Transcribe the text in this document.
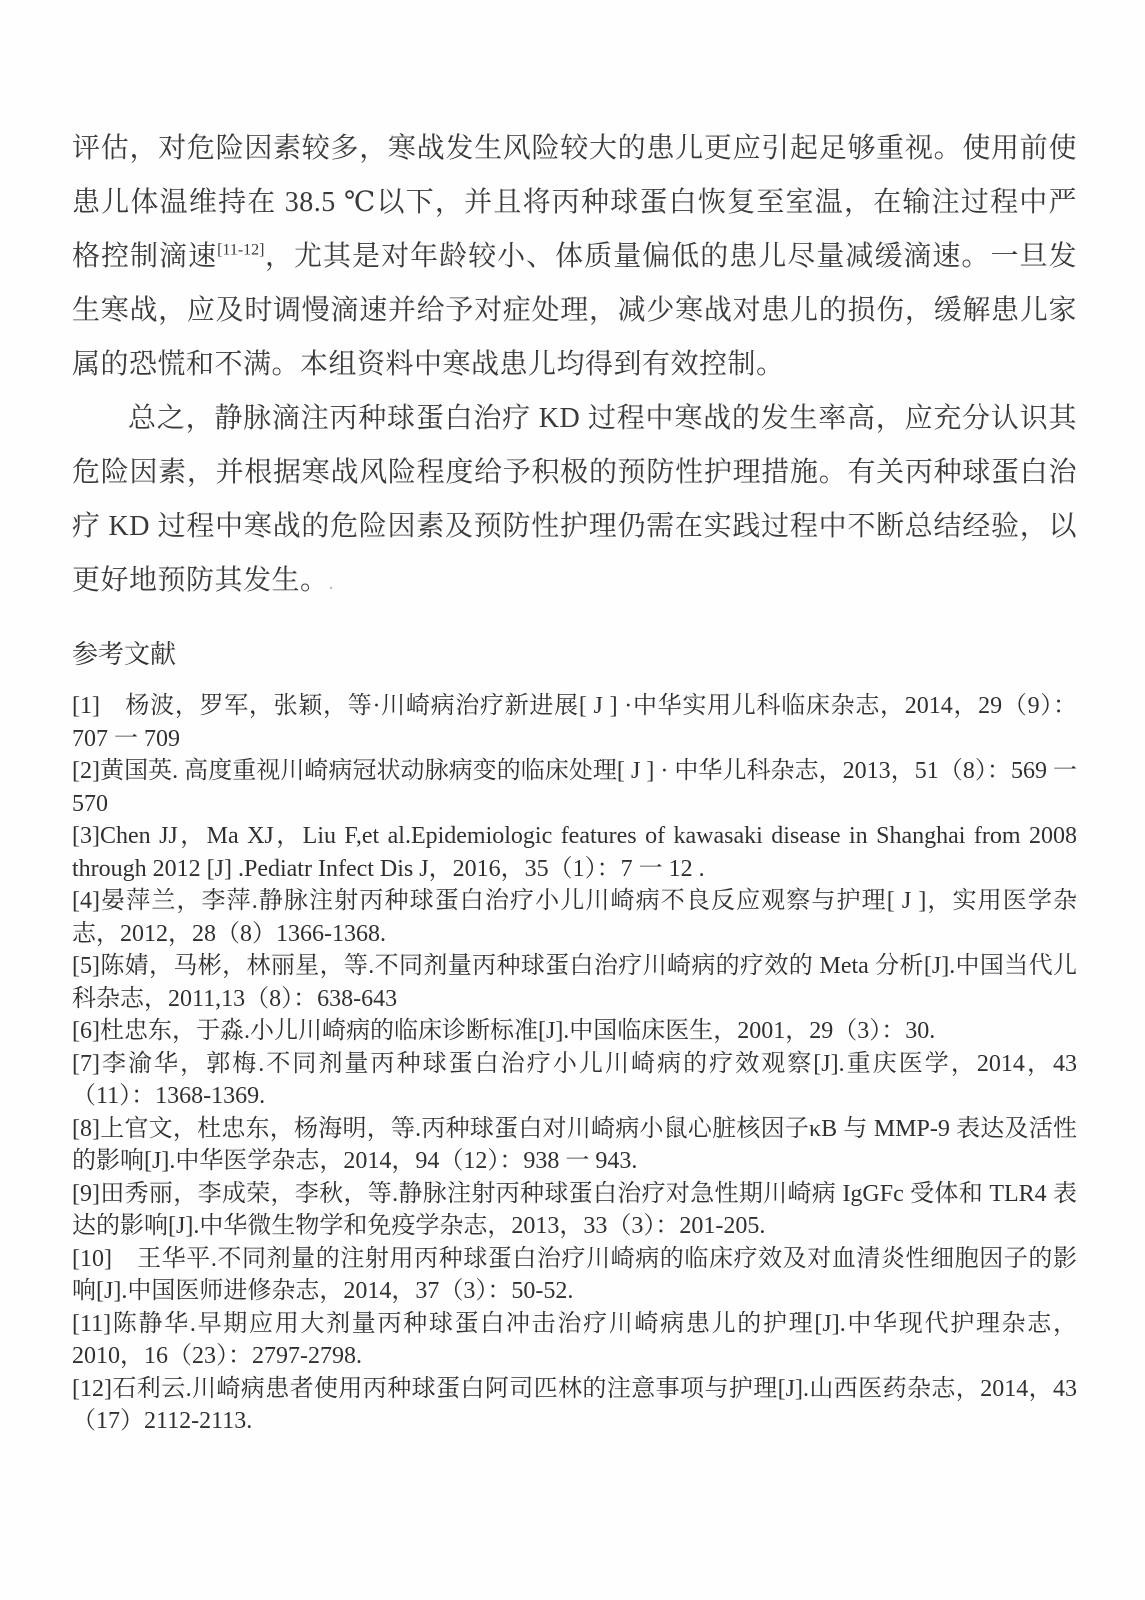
评估，对危险因素较多，寒战发生风险较大的患儿更应引起足够重视。使用前使患儿体温维持在 38.5 ℃以下，并且将丙种球蛋白恢复至室温，在输注过程中严格控制滴速[11-12]，尤其是对年龄较小、体质量偏低的患儿尽量减缓滴速。一旦发生寒战，应及时调慢滴速并给予对症处理，减少寒战对患儿的损伤，缓解患儿家属的恐慌和不满。本组资料中寒战患儿均得到有效控制。

总之，静脉滴注丙种球蛋白治疗 KD 过程中寒战的发生率高，应充分认识其危险因素，并根据寒战风险程度给予积极的预防性护理措施。有关丙种球蛋白治疗 KD 过程中寒战的危险因素及预防性护理仍需在实践过程中不断总结经验，以更好地预防其发生。.

参考文献

[1]　杨波，罗军，张颖，等·川崎病治疗新进展[ J ] ·中华实用儿科临床杂志，2014，29（9）：707 一 709

[2]黄国英. 高度重视川崎病冠状动脉病变的临床处理[ J ] · 中华儿科杂志，2013，51（8）：569 一 570

[3]Chen JJ，Ma XJ，Liu F,et al.Epidemiologic features of kawasaki disease in Shanghai from 2008 through 2012 [J] .Pediatr Infect Dis J，2016，35（1）：7 一 12 .

[4]晏萍兰，李萍.静脉注射丙种球蛋白治疗小儿川崎病不良反应观察与护理[ J ]，实用医学杂志，2012，28（8）1366-1368.

[5]陈婧，马彬，林丽星，等.不同剂量丙种球蛋白治疗川崎病的疗效的 Meta 分析[J].中国当代儿科杂志，2011,13（8）：638-643

[6]杜忠东，于淼.小儿川崎病的临床诊断标准[J].中国临床医生，2001，29（3）：30.

[7]李渝华，郭梅.不同剂量丙种球蛋白治疗小儿川崎病的疗效观察[J].重庆医学，2014，43（11）：1368-1369.

[8]上官文，杜忠东，杨海明，等.丙种球蛋白对川崎病小鼠心脏核因子κB 与 MMP-9 表达及活性的影响[J].中华医学杂志，2014，94（12）：938 一 943.

[9]田秀丽，李成荣，李秋，等.静脉注射丙种球蛋白治疗对急性期川崎病 IgGFc 受体和 TLR4 表达的影响[J].中华微生物学和免疫学杂志，2013，33（3）：201-205.

[10]　王华平.不同剂量的注射用丙种球蛋白治疗川崎病的临床疗效及对血清炎性细胞因子的影响[J].中国医师进修杂志，2014，37（3）：50-52.

[11]陈静华.早期应用大剂量丙种球蛋白冲击治疗川崎病患儿的护理[J].中华现代护理杂志，2010，16（23）：2797-2798.

[12]石利云.川崎病患者使用丙种球蛋白阿司匹林的注意事项与护理[J].山西医药杂志，2014，43（17）2112-2113.
